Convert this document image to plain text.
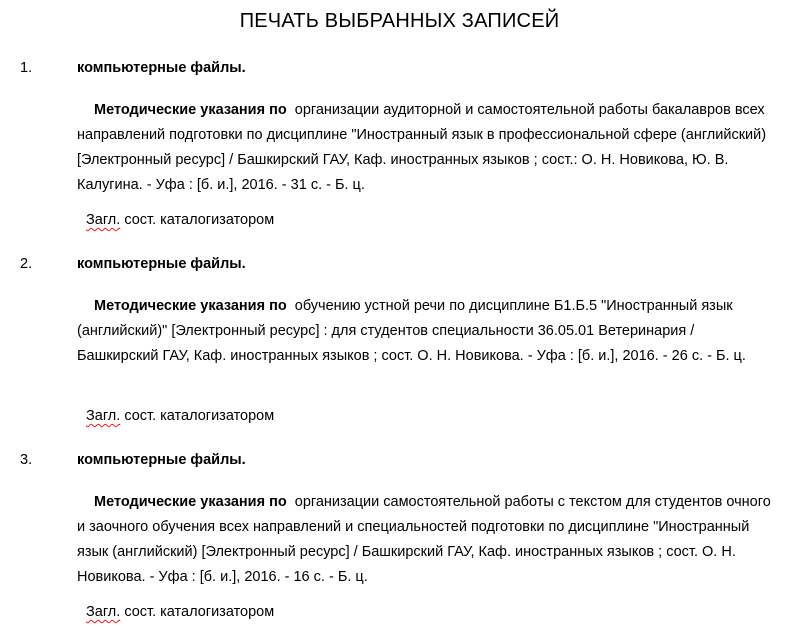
ПЕЧАТЬ ВЫБРАННЫХ ЗАПИСЕЙ
1.	компьютерные файлы.
Методические указания по организации аудиторной и самостоятельной работы бакалавров всех направлений подготовки по дисциплине "Иностранный язык в профессиональной сфере (английский) [Электронный ресурс] / Башкирский ГАУ, Каф. иностранных языков ; сост.: О. Н. Новикова, Ю. В. Калугина. - Уфа : [б. и.], 2016. - 31 с. - Б. ц.
Загл. сост. каталогизатором
2.	компьютерные файлы.
Методические указания по обучению устной речи по дисциплине Б1.Б.5 "Иностранный язык (английский)" [Электронный ресурс] : для студентов специальности 36.05.01 Ветеринария / Башкирский ГАУ, Каф. иностранных языков ; сост. О. Н. Новикова. - Уфа : [б. и.], 2016. - 26 с. - Б. ц.
Загл. сост. каталогизатором
3.	компьютерные файлы.
Методические указания по организации самостоятельной работы с текстом для студентов очного и заочного обучения всех направлений и специальностей подготовки по дисциплине "Иностранный язык (английский) [Электронный ресурс] / Башкирский ГАУ, Каф. иностранных языков ; сост. О. Н. Новикова. - Уфа : [б. и.], 2016. - 16 с. - Б. ц.
Загл. сост. каталогизатором
